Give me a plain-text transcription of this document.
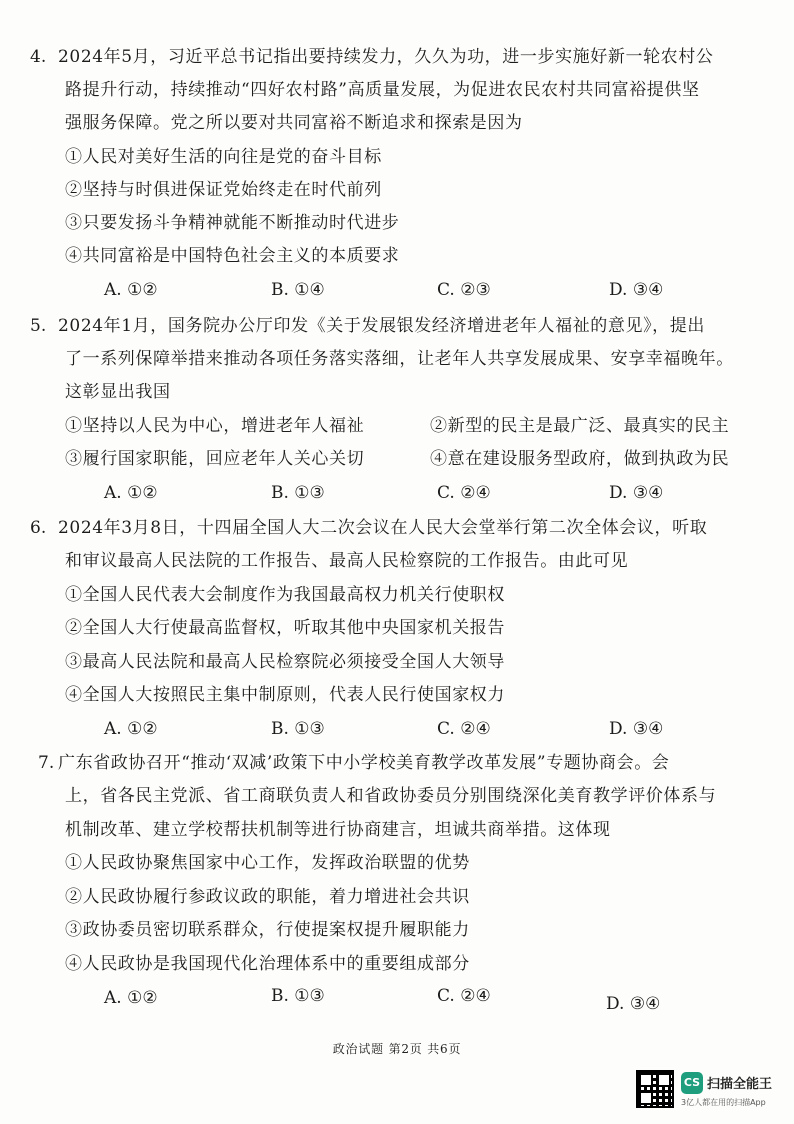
4. 2024年5月，习近平总书记指出要持续发力，久久为功，进一步实施好新一轮农村公
路提升行动，持续推动“四好农村路”高质量发展，为促进农民农村共同富裕提供坚
强服务保障。党之所以要对共同富裕不断追求和探索是因为
①人民对美好生活的向往是党的奋斗目标
②坚持与时俱进保证党始终走在时代前列
③只要发扬斗争精神就能不断推动时代进步
④共同富裕是中国特色社会主义的本质要求
A. ①②	B. ①④	C. ②③	D. ③④
5. 2024年1月，国务院办公厅印发《关于发展银发经济增进老年人福祉的意见》，提出
了一系列保障举措来推动各项任务落实落细，让老年人共享发展成果、安享幸福晚年。
这彰显出我国
①坚持以人民为中心，增进老年人福祉	②新型的民主是最广泛、最真实的民主
③履行国家职能，回应老年人关心关切	④意在建设服务型政府，做到执政为民
A. ①②	B. ①③	C. ②④	D. ③④
6. 2024年3月8日，十四届全国人大二次会议在人民大会堂举行第二次全体会议，听取
和审议最高人民法院的工作报告、最高人民检察院的工作报告。由此可见
①全国人民代表大会制度作为我国最高权力机关行使职权
②全国人大行使最高监督权，听取其他中央国家机关报告
③最高人民法院和最高人民检察院必须接受全国人大领导
④全国人大按照民主集中制原则，代表人民行使国家权力
A. ①②	B. ①③	C. ②④	D. ③④
7. 广东省政协召开“推动‘双减’政策下中小学校美育教学改革发展”专题协商会。会
上，省各民主党派、省工商联负责人和省政协委员分别围绕深化美育教学评价体系与
机制改革、建立学校帮扶机制等进行协商建言，坦诚共商举措。这体现
①人民政协聚焦国家中心工作，发挥政治联盟的优势
②人民政协履行参政议政的职能，着力增进社会共识
③政协委员密切联系群众，行使提案权提升履职能力
④人民政协是我国现代化治理体系中的重要组成部分
A. ①②	B. ①③	C. ②④	D. ③④
政治试题 第2页 共6页
CS 扫描全能王
3亿人都在用的扫描App
